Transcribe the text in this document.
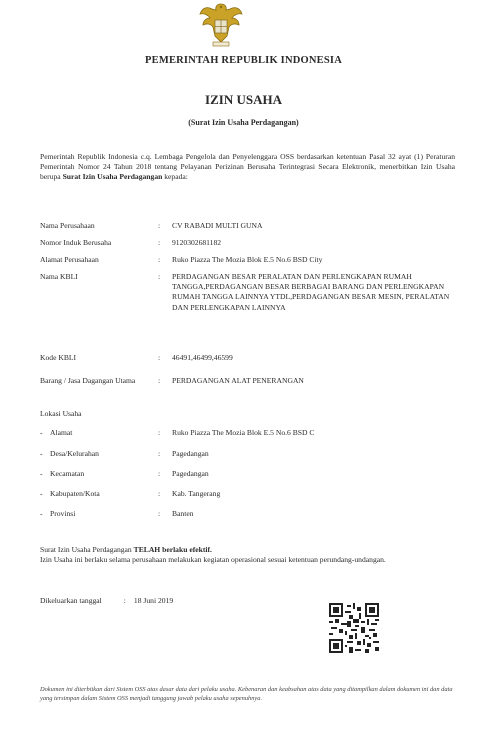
PEMERINTAH REPUBLIK INDONESIA
IZIN USAHA
(Surat Izin Usaha Perdagangan)
Pemerintah Republik Indonesia c.q. Lembaga Pengelola dan Penyelenggara OSS berdasarkan ketentuan Pasal 32 ayat (1) Peraturan Pemerintah Nomor 24 Tahun 2018 tentang Pelayanan Perizinan Berusaha Terintegrasi Secara Elektronik, menerbitkan Izin Usaha berupa Surat Izin Usaha Perdagangan kepada:
Nama Perusahaan	: CV RABADI MULTI GUNA
Nomor Induk Berusaha	: 9120302681182
Alamat Perusahaan	: Ruko Piazza The Mozia Blok E.5 No.6 BSD City
Nama KBLI	: PERDAGANGAN BESAR PERALATAN DAN PERLENGKAPAN RUMAH TANGGA,PERDAGANGAN BESAR BERBAGAI BARANG DAN PERLENGKAPAN RUMAH TANGGA LAINNYA YTDL,PERDAGANGAN BESAR MESIN, PERALATAN DAN PERLENGKAPAN LAINNYA
Kode KBLI	: 46491,46499,46599
Barang / Jasa Dagangan Utama	: PERDAGANGAN ALAT PENERANGAN
Lokasi Usaha
- Alamat	: Ruko Piazza The Mozia Blok E.5 No.6 BSD C
- Desa/Kelurahan	: Pagedangan
- Kecamatan	: Pagedangan
- Kabupaten/Kota	: Kab. Tangerang
- Provinsi	: Banten
Surat Izin Usaha Perdagangan TELAH berlaku efektif.
Izin Usaha ini berlaku selama perusahaan melakukan kegiatan operasional sesuai ketentuan perundang-undangan.
Dikeluarkan tanggal	: 18 Juni 2019
Dokumen ini diterbitkan dari Sistem OSS atas dasar data dari pelaku usaha. Kebenaran dan keabsahan atas data yang ditampilkan dalam dokumen ini dan data yang tersimpan dalam Sistem OSS menjadi tanggung jawab pelaku usaha sepenuhnya.
